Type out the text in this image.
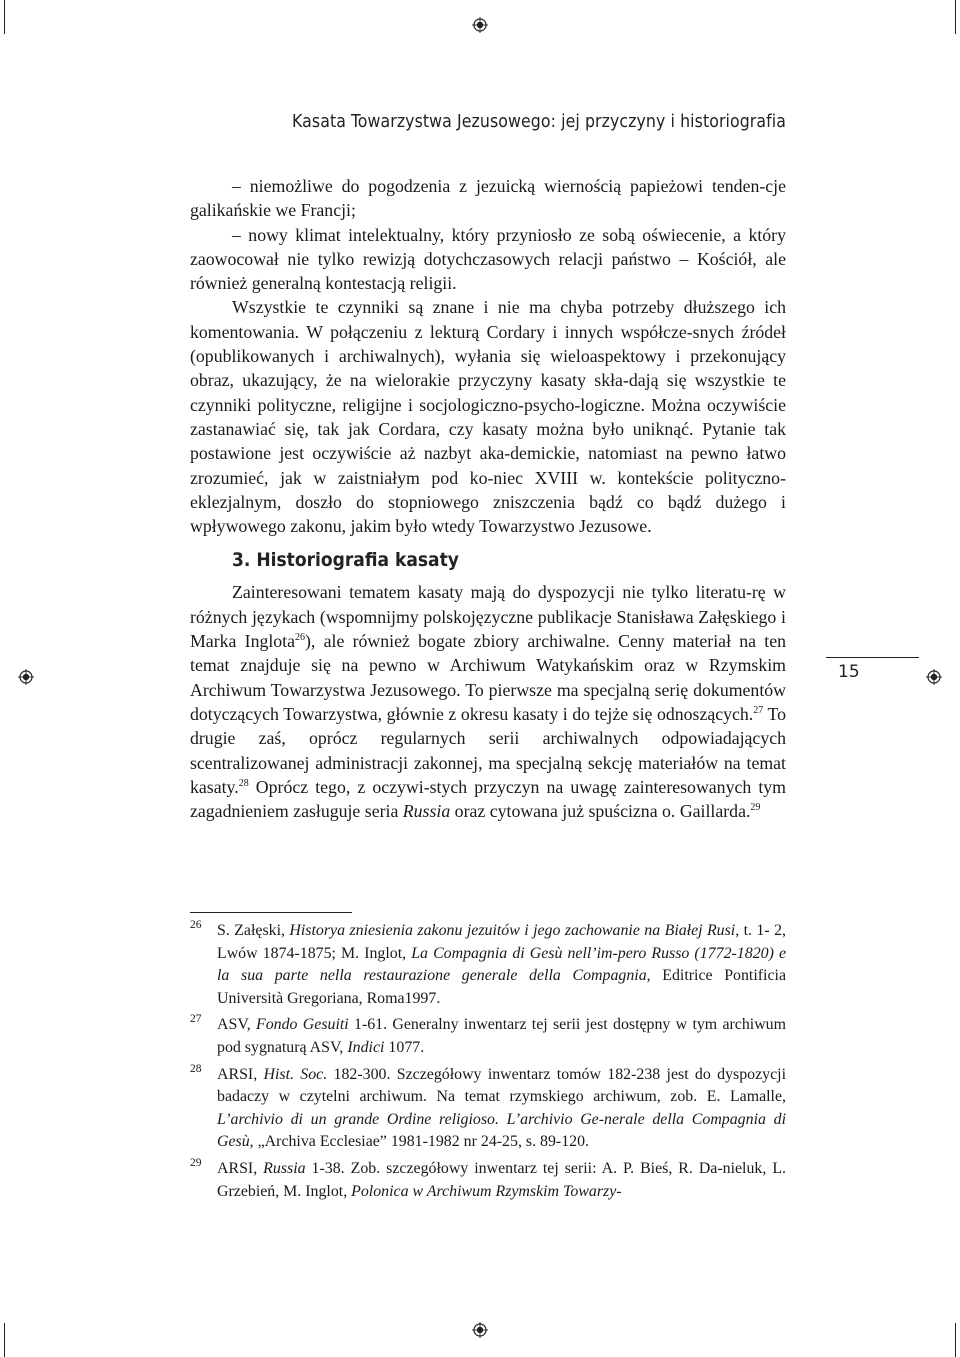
Kasata Towarzystwa Jezusowego: jej przyczyny i historiografia

– niemożliwe do pogodzenia z jezuicką wiernością papieżowi tenden-cje galikańskie we Francji;

– nowy klimat intelektualny, który przyniosło ze sobą oświecenie, a który zaowocował nie tylko rewizją dotychczasowych relacji państwo – Kościół, ale również generalną kontestacją religii.

Wszystkie te czynniki są znane i nie ma chyba potrzeby dłuższego ich komentowania. W połączeniu z lekturą Cordary i innych współcze-snych źródeł (opublikowanych i archiwalnych), wyłania się wieloaspektowy i przekonujący obraz, ukazujący, że na wielorakie przyczyny kasaty skła-dają się wszystkie te czynniki polityczne, religijne i socjologiczno-psycho-logiczne. Można oczywiście zastanawiać się, tak jak Cordara, czy kasaty można było uniknąć. Pytanie tak postawione jest oczywiście aż nazbyt aka-demickie, natomiast na pewno łatwo zrozumieć, jak w zaistniałym pod ko-niec XVIII w. kontekście polityczno-eklezjalnym, doszło do stopniowego zniszczenia bądź co bądź dużego i wpływowego zakonu, jakim było wtedy Towarzystwo Jezusowe.

3. Historiografia kasaty

Zainteresowani tematem kasaty mają do dyspozycji nie tylko literatu-rę w różnych językach (wspomnijmy polskojęzyczne publikacje Stanisława Załęskiego i Marka Inglota$^{26}$), ale również bogate zbiory archiwalne. Cenny materiał na ten temat znajduje się na pewno w Archiwum Watykańskim oraz w Rzymskim Archiwum Towarzystwa Jezusowego. To pierwsze ma specjalną serię dokumentów dotyczących Towarzystwa, głównie z okresu kasaty i do tejże się odnoszących.$^{27}$ To drugie zaś, oprócz regularnych serii archiwalnych odpowiadających scentralizowanej administracji zakonnej, ma specjalną sekcję materiałów na temat kasaty.$^{28}$ Oprócz tego, z oczywi-stych przyczyn na uwagę zainteresowanych tym zagadnieniem zasługuje seria Russia oraz cytowana już spuścizna o. Gaillarda.$^{29}$

15
26 S. Załęski, Historya zniesienia zakonu jezuitów i jego zachowanie na Białej Rusi, t. 1- 2, Lwów 1874-1875; M. Inglot, La Compagnia di Gesù nell’im-pero Russo (1772-1820) e la sua parte nella restaurazione generale della Compagnia, Editrice Pontificia Università Gregoriana, Roma1997.
27 ASV, Fondo Gesuiti 1-61. Generalny inwentarz tej serii jest dostępny w tym archiwum pod sygnaturą ASV, Indici 1077.
28 ARSI, Hist. Soc. 182-300. Szczegółowy inwentarz tomów 182-238 jest do dyspozycji badaczy w czytelni archiwum. Na temat rzymskiego archiwum, zob. E. Lamalle, L’archivio di un grande Ordine religioso. L’archivio Ge-nerale della Compagnia di Gesù, „Archiva Ecclesiae” 1981-1982 nr 24-25, s. 89-120.
29 ARSI, Russia 1-38. Zob. szczegółowy inwentarz tej serii: A. P. Bieś, R. Da-nieluk, L. Grzebień, M. Inglot, Polonica w Archiwum Rzymskim Towarzy-
